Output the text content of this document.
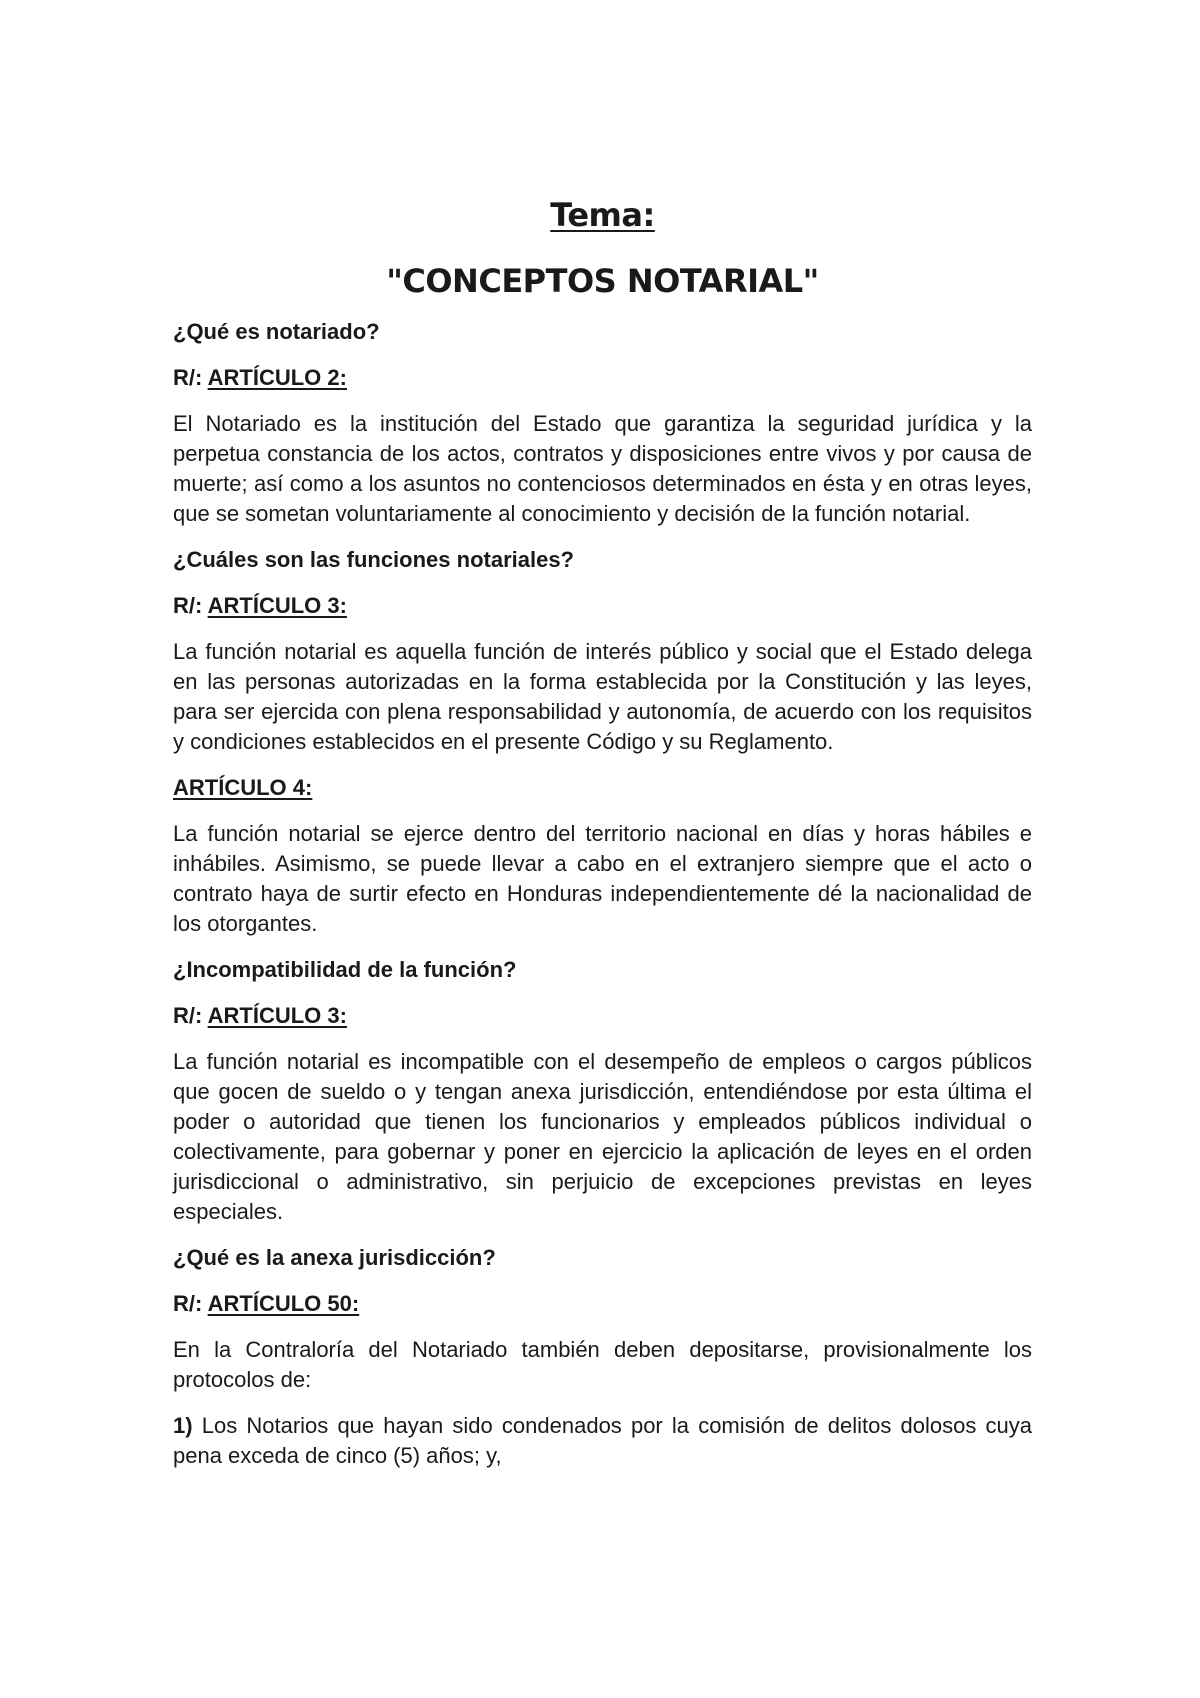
Tema:
"CONCEPTOS NOTARIAL"

¿Qué es notariado?

R/: ARTÍCULO 2:

El Notariado es la institución del Estado que garantiza la seguridad jurídica y la perpetua constancia de los actos, contratos y disposiciones entre vivos y por causa de muerte; así como a los asuntos no contenciosos determinados en ésta y en otras leyes, que se sometan voluntariamente al conocimiento y decisión de la función notarial.

¿Cuáles son las funciones notariales?

R/: ARTÍCULO 3:

La función notarial es aquella función de interés público y social que el Estado delega en las personas autorizadas en la forma establecida por la Constitución y las leyes, para ser ejercida con plena responsabilidad y autonomía, de acuerdo con los requisitos y condiciones establecidos en el presente Código y su Reglamento.

ARTÍCULO 4:

La función notarial se ejerce dentro del territorio nacional en días y horas hábiles e inhábiles. Asimismo, se puede llevar a cabo en el extranjero siempre que el acto o contrato haya de surtir efecto en Honduras independientemente dé la nacionalidad de los otorgantes.

¿Incompatibilidad de la función?

R/: ARTÍCULO 3:

La función notarial es incompatible con el desempeño de empleos o cargos públicos que gocen de sueldo o y tengan anexa jurisdicción, entendiéndose por esta última el poder o autoridad que tienen los funcionarios y empleados públicos individual o colectivamente, para gobernar y poner en ejercicio la aplicación de leyes en el orden jurisdiccional o administrativo, sin perjuicio de excepciones previstas en leyes especiales.

¿Qué es la anexa jurisdicción?

R/: ARTÍCULO 50:

En la Contraloría del Notariado también deben depositarse, provisionalmente los protocolos de:

1) Los Notarios que hayan sido condenados por la comisión de delitos dolosos cuya pena exceda de cinco (5) años; y,
